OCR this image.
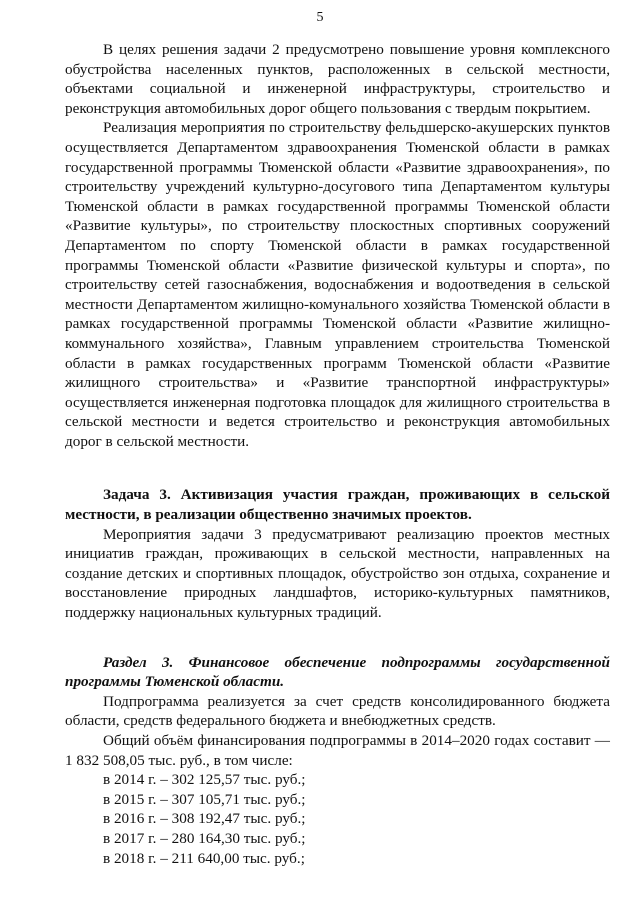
5

В целях решения задачи 2 предусмотрено повышение уровня комплексного обустройства населенных пунктов, расположенных в сельской местности, объектами социальной и инженерной инфраструктуры, строительство и реконструкция автомобильных дорог общего пользования с твердым покрытием.

Реализация мероприятия по строительству фельдшерско-акушерских пунктов осуществляется Департаментом здравоохранения Тюменской области в рамках государственной программы Тюменской области «Развитие здравоохранения», по строительству учреждений культурно-досугового типа Департаментом культуры Тюменской области в рамках государственной программы Тюменской области «Развитие культуры», по строительству плоскостных спортивных сооружений Департаментом по спорту Тюменской области в рамках государственной программы Тюменской области «Развитие физической культуры и спорта», по строительству сетей газоснабжения, водоснабжения и водоотведения в сельской местности Департаментом жилищно-комунального хозяйства Тюменской области в рамках государственной программы Тюменской области «Развитие жилищно-коммунального хозяйства», Главным управлением строительства Тюменской области в рамках государственных программ Тюменской области «Развитие жилищного строительства» и «Развитие транспортной инфраструктуры» осуществляется инженерная подготовка площадок для жилищного строительства в сельской местности и ведется строительство и реконструкция автомобильных дорог в сельской местности.

Задача 3. Активизация участия граждан, проживающих в сельской местности, в реализации общественно значимых проектов.

Мероприятия задачи 3 предусматривают реализацию проектов местных инициатив граждан, проживающих в сельской местности, направленных на создание детских и спортивных площадок, обустройство зон отдыха, сохранение и восстановление природных ландшафтов, историко-культурных памятников, поддержку национальных культурных традиций.

Раздел 3. Финансовое обеспечение подпрограммы государственной программы Тюменской области.

Подпрограмма реализуется за счет средств консолидированного бюджета области, средств федерального бюджета и внебюджетных средств.

Общий объём финансирования подпрограммы в 2014–2020 годах составит — 1 832 508,05 тыс. руб., в том числе:

в 2014 г. – 302 125,57 тыс. руб.;
в 2015 г. – 307 105,71 тыс. руб.;
в 2016 г. – 308 192,47 тыс. руб.;
в 2017 г. – 280 164,30 тыс. руб.;
в 2018 г. – 211 640,00 тыс. руб.;
